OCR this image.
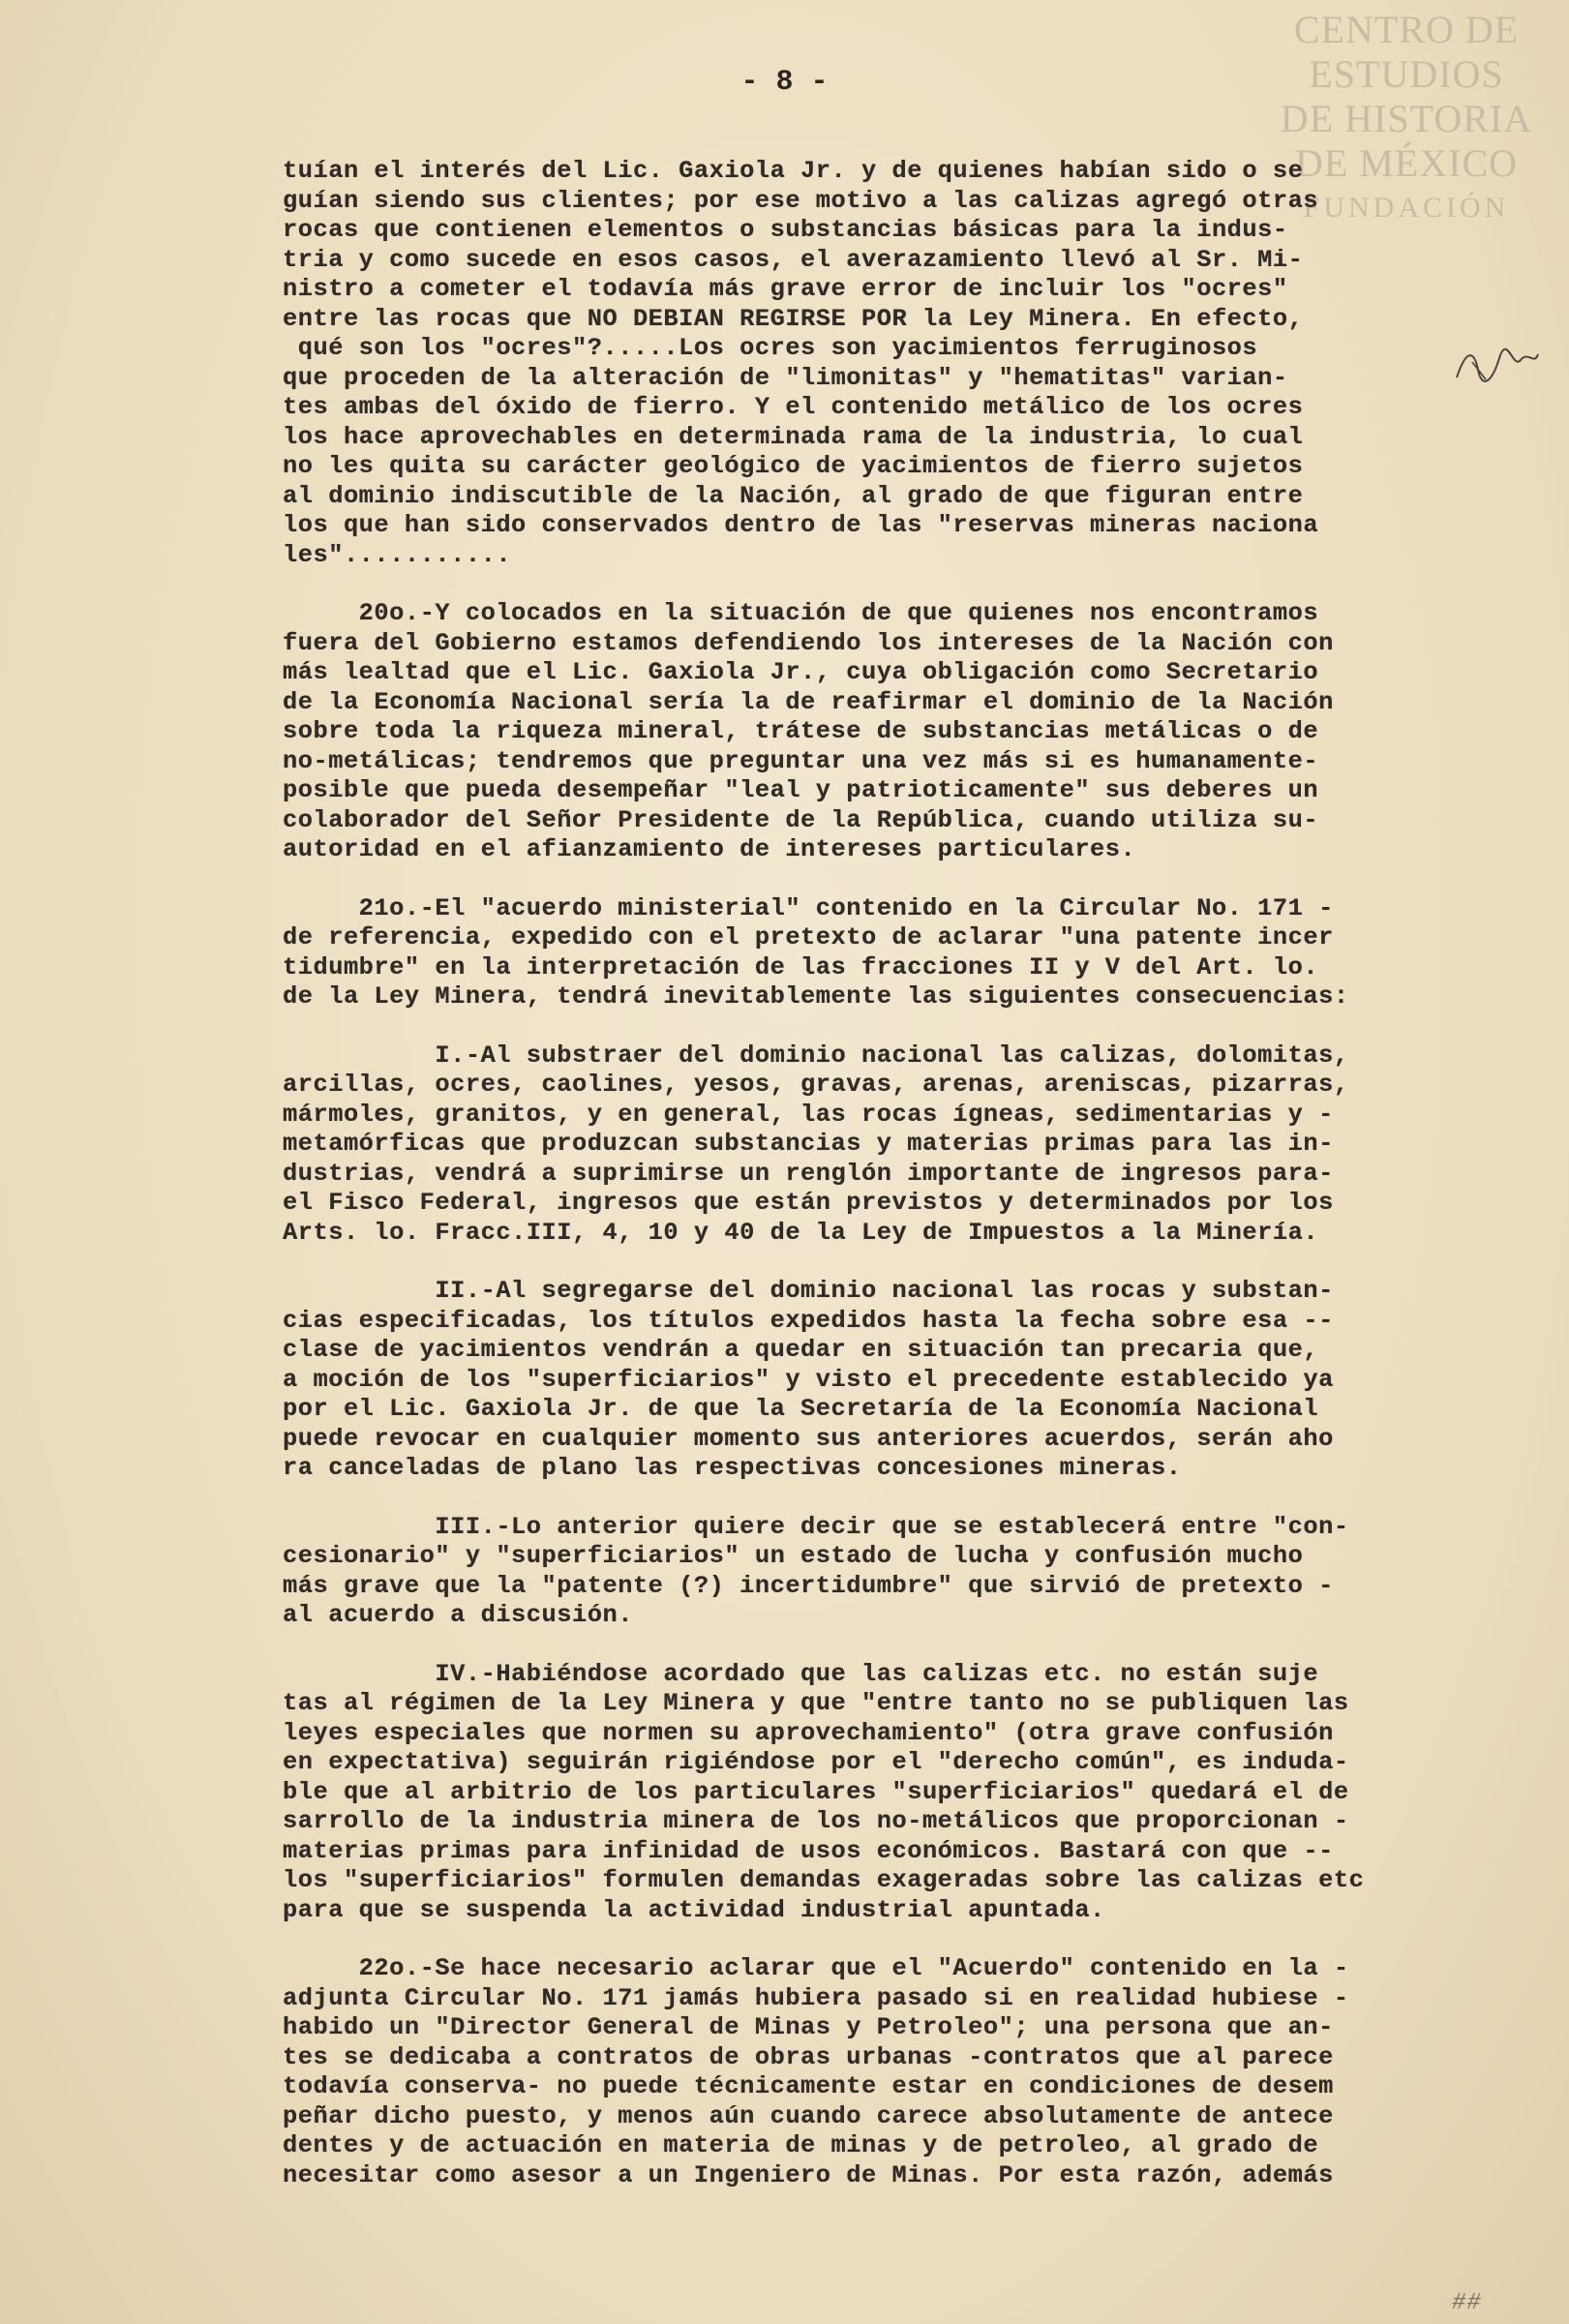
CENTRO DE
ESTUDIOS
DE HISTORIA
DE MÉXICO
FUNDACIÓN
- 8 -
tuían el interés del Lic. Gaxiola Jr. y de quienes habían sido o se
guían siendo sus clientes; por ese motivo a las calizas agregó otras
rocas que contienen elementos o substancias básicas para la indus-
tria y como sucede en esos casos, el averazamiento llevó al Sr. Mi-
nistro a cometer el todavía más grave error de incluir los "ocres"
entre las rocas que NO DEBIAN REGIRSE POR la Ley Minera. En efecto,
qué son los "ocres"?.....Los ocres son yacimientos ferruginosos
que proceden de la alteración de "limonitas" y "hematitas" varian-
tes ambas del óxido de fierro. Y el contenido metálico de los ocres
los hace aprovechables en determinada rama de la industria, lo cual
no les quita su carácter geológico de yacimientos de fierro sujetos
al dominio indiscutible de la Nación, al grado de que figuran entre
los que han sido conservados dentro de las "reservas mineras naciona
les"...........
20o.-Y colocados en la situación de que quienes nos encontramos
fuera del Gobierno estamos defendiendo los intereses de la Nación con
más lealtad que el Lic. Gaxiola Jr., cuya obligación como Secretario
de la Economía Nacional sería la de reafirmar el dominio de la Nación
sobre toda la riqueza mineral, trátese de substancias metálicas o de
no-metálicas; tendremos que preguntar una vez más si es humanamente-
posible que pueda desempeñar "leal y patrioticamente" sus deberes un
colaborador del Señor Presidente de la República, cuando utiliza su-
autoridad en el afianzamiento de intereses particulares.
21o.-El "acuerdo ministerial" contenido en la Circular No. 171 -
de referencia, expedido con el pretexto de aclarar "una patente incer
tidumbre" en la interpretación de las fracciones II y V del Art. lo.
de la Ley Minera, tendrá inevitablemente las siguientes consecuencias:
I.-Al substraer del dominio nacional las calizas, dolomitas,
arcillas, ocres, caolines, yesos, gravas, arenas, areniscas, pizarras,
mármoles, granitos, y en general, las rocas ígneas, sedimentarias y -
metamórficas que produzcan substancias y materias primas para las in-
dustrias, vendrá a suprimirse un renglón importante de ingresos para-
el Fisco Federal, ingresos que están previstos y determinados por los
Arts. lo. Fracc.III, 4, 10 y 40 de la Ley de Impuestos a la Minería.
II.-Al segregarse del dominio nacional las rocas y substan-
cias especificadas, los títulos expedidos hasta la fecha sobre esa --
clase de yacimientos vendrán a quedar en situación tan precaria que,
a moción de los "superficiarios" y visto el precedente establecido ya
por el Lic. Gaxiola Jr. de que la Secretaría de la Economía Nacional
puede revocar en cualquier momento sus anteriores acuerdos, serán aho
ra canceladas de plano las respectivas concesiones mineras.
III.-Lo anterior quiere decir que se establecerá entre "con-
cesionario" y "superficiarios" un estado de lucha y confusión mucho
más grave que la "patente (?) incertidumbre" que sirvió de pretexto -
al acuerdo a discusión.
IV.-Habiéndose acordado que las calizas etc. no están suje
tas al régimen de la Ley Minera y que "entre tanto no se publiquen las
leyes especiales que normen su aprovechamiento" (otra grave confusión
en expectativa) seguirán rigiéndose por el "derecho común", es induda-
ble que al arbitrio de los particulares "superficiarios" quedará el de
sarrollo de la industria minera de los no-metálicos que proporcionan -
materias primas para infinidad de usos económicos. Bastará con que --
los "superficiarios" formulen demandas exageradas sobre las calizas etc
para que se suspenda la actividad industrial apuntada.
22o.-Se hace necesario aclarar que el "Acuerdo" contenido en la -
adjunta Circular No. 171 jamás hubiera pasado si en realidad hubiese -
habido un "Director General de Minas y Petroleo"; una persona que an-
tes se dedicaba a contratos de obras urbanas -contratos que al parece
todavía conserva- no puede técnicamente estar en condiciones de desem
peñar dicho puesto, y menos aún cuando carece absolutamente de antece
dentes y de actuación en materia de minas y de petroleo, al grado de
necesitar como asesor a un Ingeniero de Minas. Por esta razón, además
##
